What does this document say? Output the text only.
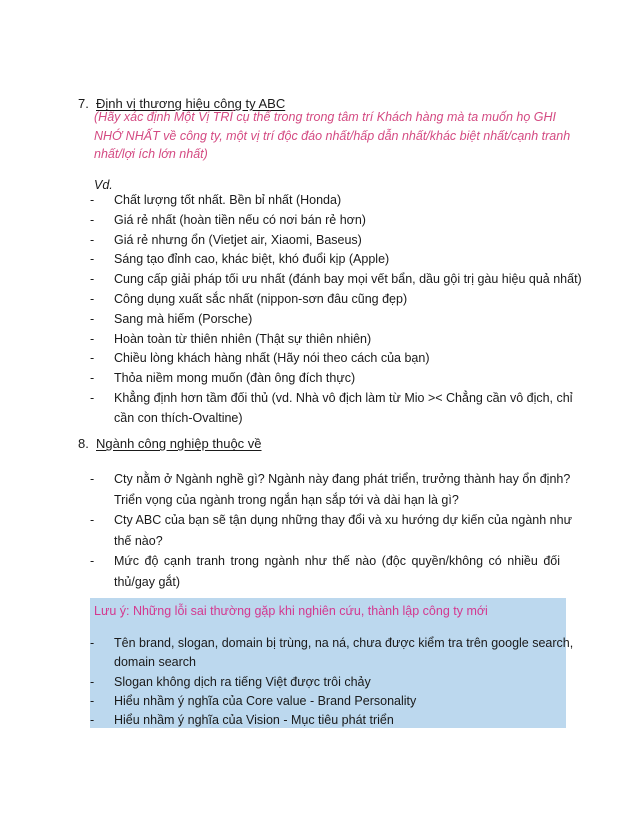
7. Định vị thương hiệu công ty ABC
(Hãy xác định Một Vị TRÍ cụ thể trong trong tâm trí Khách hàng mà ta muốn họ GHI
NHỚ NHẤT về công ty, một vị trí độc đáo nhất/hấp dẫn nhất/khác biệt nhất/cạnh tranh
nhất/lợi ích lớn nhất)
Vd.
- Chất lượng tốt nhất. Bền bỉ nhất (Honda)
- Giá rẻ nhất (hoàn tiền nếu có nơi bán rẻ hơn)
- Giá rẻ nhưng ổn (Vietjet air, Xiaomi, Baseus)
- Sáng tạo đỉnh cao, khác biệt, khó đuổi kịp (Apple)
- Cung cấp giải pháp tối ưu nhất (đánh bay mọi vết bẩn, dầu gội trị gàu hiệu quả nhất)
- Công dụng xuất sắc nhất (nippon-sơn đâu cũng đẹp)
- Sang mà hiếm (Porsche)
- Hoàn toàn từ thiên nhiên (Thật sự thiên nhiên)
- Chiều lòng khách hàng nhất (Hãy nói theo cách của bạn)
- Thỏa niềm mong muốn (đàn ông đích thực)
- Khẳng định hơn tầm đối thủ (vd. Nhà vô địch làm từ Mio >< Chẳng cần vô địch, chỉ
cần con thích-Ovaltine)
8. Ngành công nghiệp thuộc về
- Cty nằm ở Ngành nghề gì? Ngành này đang phát triển, trưởng thành hay ổn định?
Triển vọng của ngành trong ngắn hạn sắp tới và dài hạn là gì?
- Cty ABC của bạn sẽ tận dụng những thay đổi và xu hướng dự kiến của ngành như
thế nào?
- Mức độ cạnh tranh trong ngành như thế nào (độc quyền/không có nhiều đối
thủ/gay gắt)
Lưu ý: Những lỗi sai thường gặp khi nghiên cứu, thành lập công ty mới
- Tên brand, slogan, domain bị trùng, na ná, chưa được kiểm tra trên google search,
domain search
- Slogan không dịch ra tiếng Việt được trôi chảy
- Hiểu nhầm ý nghĩa của Core value - Brand Personality
- Hiểu nhầm ý nghĩa của Vision - Mục tiêu phát triển
